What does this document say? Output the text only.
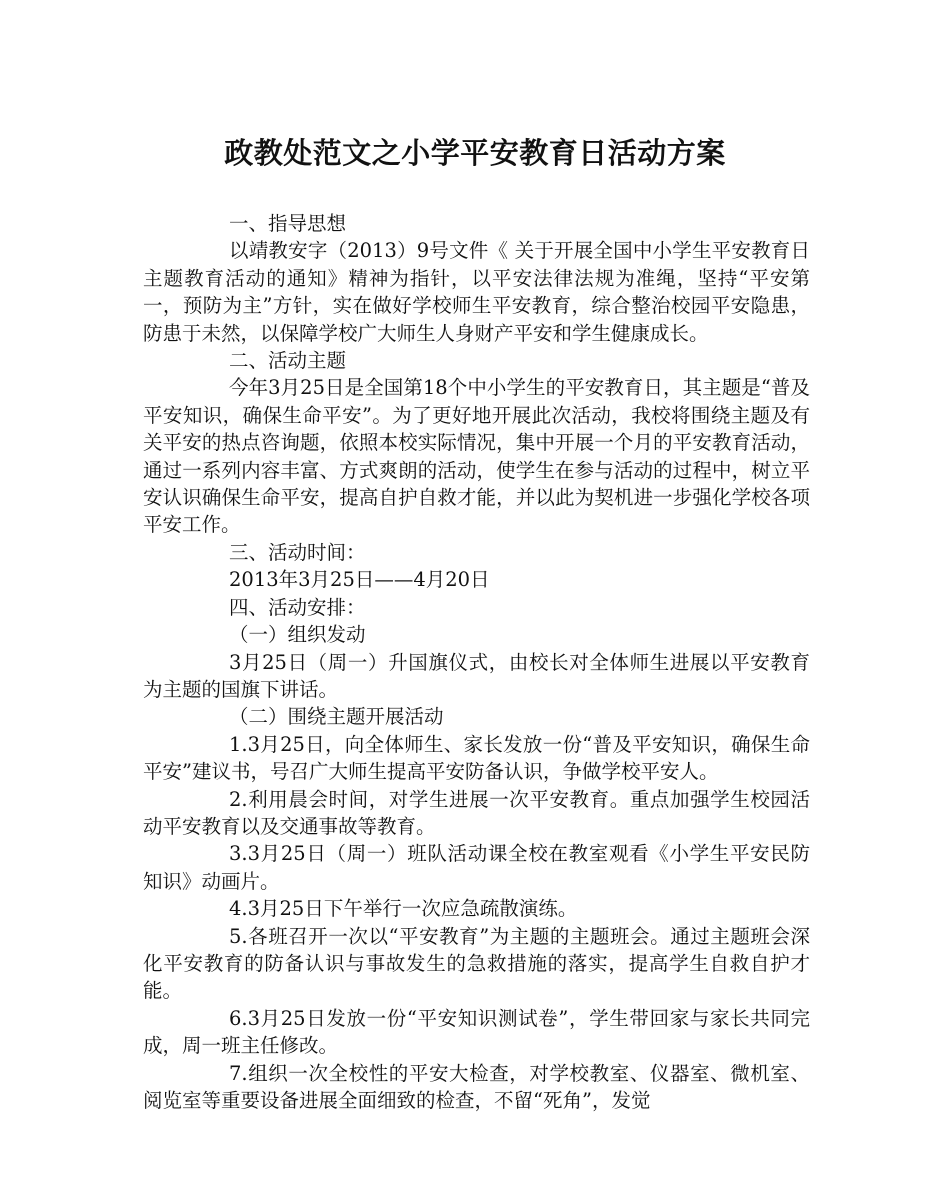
政教处范文之小学平安教育日活动方案
一、指导思想
以靖教安字（2013）9号文件《 关于开展全国中小学生平安教育日主题教育活动的通知》精神为指针，以平安法律法规为准绳，坚持“平安第一，预防为主”方针，实在做好学校师生平安教育，综合整治校园平安隐患，防患于未然，以保障学校广大师生人身财产平安和学生健康成长。
二、活动主题
今年3月25日是全国第18个中小学生的平安教育日，其主题是“普及平安知识，确保生命平安”。为了更好地开展此次活动，我校将围绕主题及有关平安的热点咨询题，依照本校实际情况，集中开展一个月的平安教育活动，通过一系列内容丰富、方式爽朗的活动，使学生在参与活动的过程中，树立平安认识确保生命平安，提高自护自救才能，并以此为契机进一步强化学校各项平安工作。
三、活动时间：
2013年3月25日——4月20日
四、活动安排：
（一）组织发动
3月25日（周一）升国旗仪式，由校长对全体师生进展以平安教育为主题的国旗下讲话。
（二）围绕主题开展活动
1.3月25日，向全体师生、家长发放一份“普及平安知识，确保生命平安”建议书，号召广大师生提高平安防备认识，争做学校平安人。
2.利用晨会时间，对学生进展一次平安教育。重点加强学生校园活动平安教育以及交通事故等教育。
3.3月25日（周一）班队活动课全校在教室观看《小学生平安民防知识》动画片。
4.3月25日下午举行一次应急疏散演练。
5.各班召开一次以“平安教育”为主题的主题班会。通过主题班会深化平安教育的防备认识与事故发生的急救措施的落实，提高学生自救自护才能。
6.3月25日发放一份“平安知识测试卷”，学生带回家与家长共同完成，周一班主任修改。
7.组织一次全校性的平安大检查，对学校教室、仪器室、微机室、阅览室等重要设备进展全面细致的检查，不留“死角”，发觉
